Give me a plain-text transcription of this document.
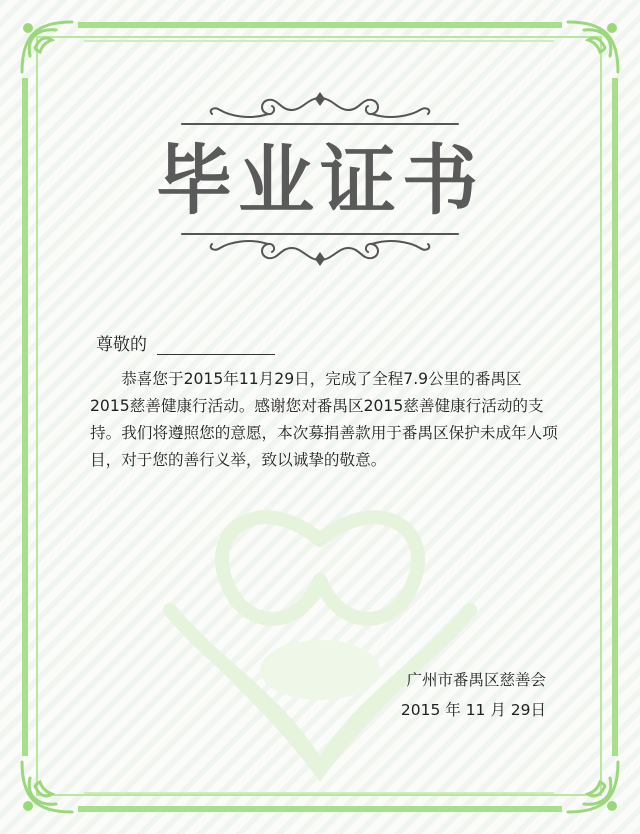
毕业证书
尊敬的

恭喜您于2015年11月29日，完成了全程7.9公里的番禺区2015慈善健康行活动。感谢您对番禺区2015慈善健康行活动的支持。我们将遵照您的意愿，本次募捐善款用于番禺区保护未成年人项目，对于您的善行义举，致以诚挚的敬意。

广州市番禺区慈善会
2015 年 11 月 29日
